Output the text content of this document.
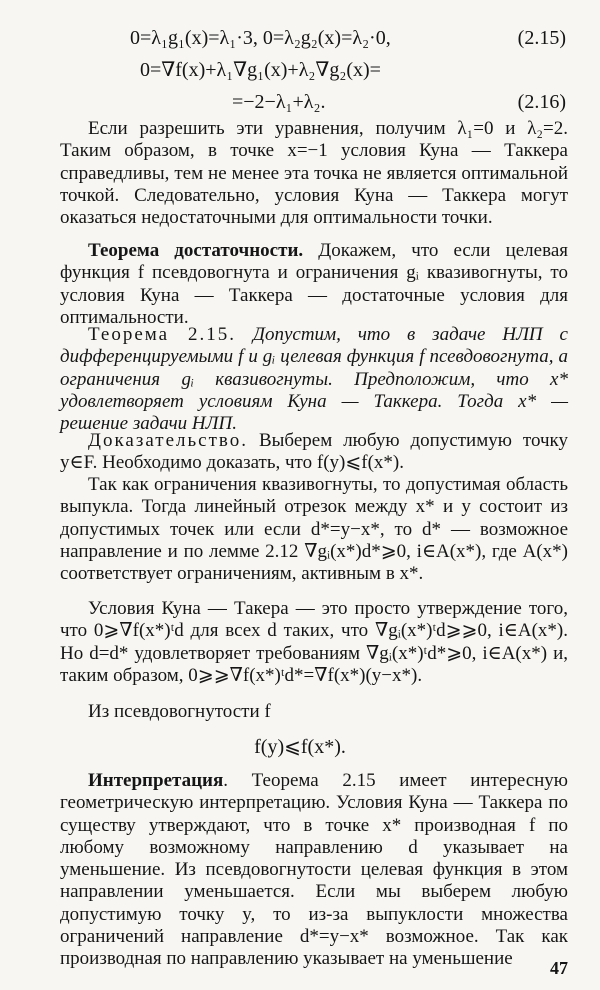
0=λ₁g₁(x)=λ₁·3, 0=λ₂g₂(x)=λ₂·0,	(2.15)
0=∇f(x)+λ₁∇g₁(x)+λ₂∇g₂(x)=
=−2−λ₁+λ₂.	(2.16)

Если разрешить эти уравнения, получим λ₁=0 и λ₂=2. Таким образом, в точке x=−1 условия Куна — Таккера справедливы, тем не менее эта точка не является оптимальной точкой. Следовательно, условия Куна — Таккера могут оказаться недостаточными для оптимальности точки.

Теорема достаточности. Докажем, что если целевая функция f псевдовогнута и ограничения gᵢ квазивогнуты, то условия Куна — Таккера — достаточные условия для оптимальности.

Теорема 2.15. Допустим, что в задаче НЛП с дифференцируемыми f и gᵢ целевая функция f псевдовогнута, а ограничения gᵢ квазивогнуты. Предположим, что x* удовлетворяет условиям Куна — Таккера. Тогда x* — решение задачи НЛП.

Доказательство. Выберем любую допустимую точку y∈F. Необходимо доказать, что f(y)⩽f(x*).

Так как ограничения квазивогнуты, то допустимая область выпукла. Тогда линейный отрезок между x* и y состоит из допустимых точек или если d*=y−x*, то d* — возможное направление и по лемме 2.12 ∇gᵢ(x*)d*⩾0, i∈A(x*), где A(x*) соответствует ограничениям, активным в x*.

Условия Куна — Такера — это просто утверждение того, что 0⩾∇f(x*)ᵗd для всех d таких, что ∇gᵢ(x*)ᵗd⩾⩾0, i∈A(x*). Но d=d* удовлетворяет требованиям ∇gᵢ(x*)ᵗd*⩾0, i∈A(x*) и, таким образом, 0⩾⩾∇f(x*)ᵗd*=∇f(x*)(y−x*).

Из псевдовогнутости f

f(y)⩽f(x*).

Интерпретация. Теорема 2.15 имеет интересную геометрическую интерпретацию. Условия Куна — Таккера по существу утверждают, что в точке x* производная f по любому возможному направлению d указывает на уменьшение. Из псевдовогнутости целевая функция в этом направлении уменьшается. Если мы выберем любую допустимую точку y, то из-за выпуклости множества ограничений направление d*=y−x* возможное. Так как производная по направлению указывает на уменьшение	47
